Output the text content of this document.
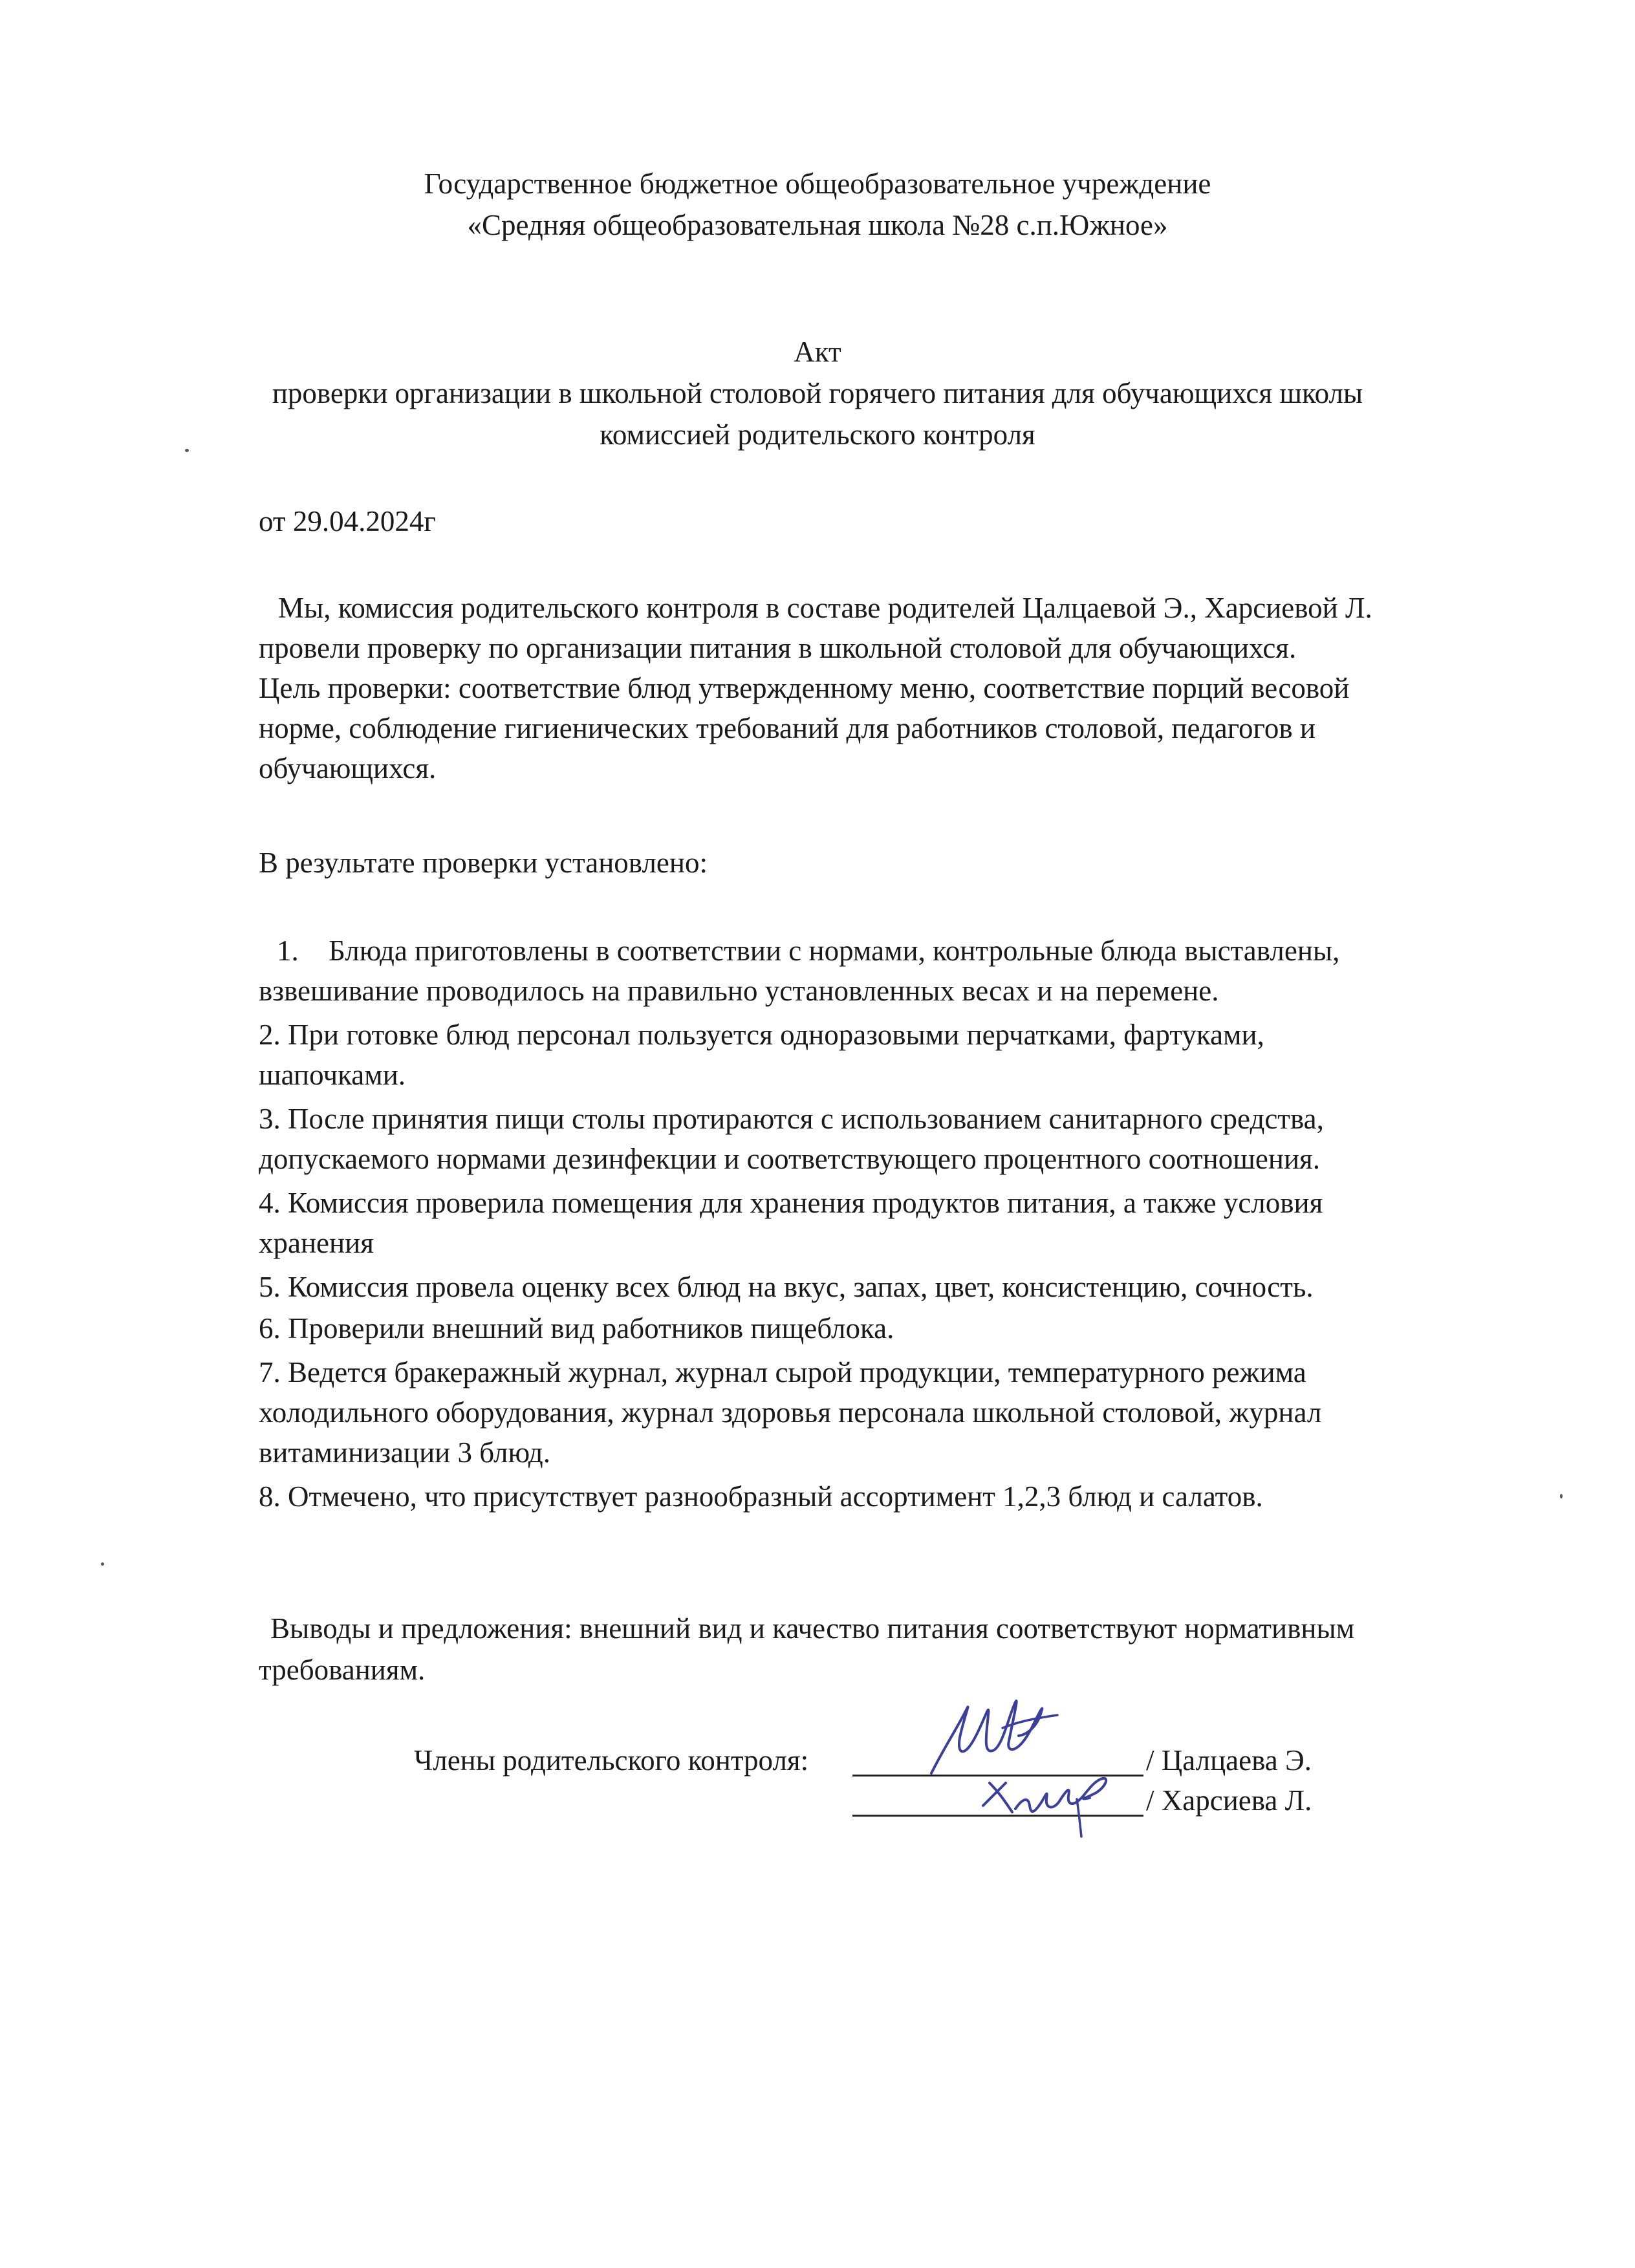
Государственное бюджетное общеобразовательное учреждение
«Средняя общеобразовательная школа №28 с.п.Южное»
Акт
проверки организации в школьной столовой горячего питания для обучающихся школы
комиссией родительского контроля
от 29.04.2024г
Мы, комиссия родительского контроля в составе родителей Цалцаевой Э., Харсиевой Л.
провели проверку по организации питания в школьной столовой для обучающихся.
Цель проверки: соответствие блюд утвержденному меню, соответствие порций весовой
норме, соблюдение гигиенических требований для работников столовой, педагогов и
обучающихся.
В результате проверки установлено:
1. Блюда приготовлены в соответствии с нормами, контрольные блюда выставлены,
взвешивание проводилось на правильно установленных весах и на перемене.
2. При готовке блюд персонал пользуется одноразовыми перчатками, фартуками,
шапочками.
3. После принятия пищи столы протираются с использованием санитарного средства,
допускаемого нормами дезинфекции и соответствующего процентного соотношения.
4. Комиссия проверила помещения для хранения продуктов питания, а также условия
хранения
5. Комиссия провела оценку всех блюд на вкус, запах, цвет, консистенцию, сочность.
6. Проверили внешний вид работников пищеблока.
7. Ведется бракеражный журнал, журнал сырой продукции, температурного режима
холодильного оборудования, журнал здоровья персонала школьной столовой, журнал
витаминизации 3 блюд.
8. Отмечено, что присутствует разнообразный ассортимент 1,2,3 блюд и салатов.
Выводы и предложения: внешний вид и качество питания соответствуют нормативным
требованиям.
Члены родительского контроля:	/ Цалцаева Э.
/ Харсиева Л.
